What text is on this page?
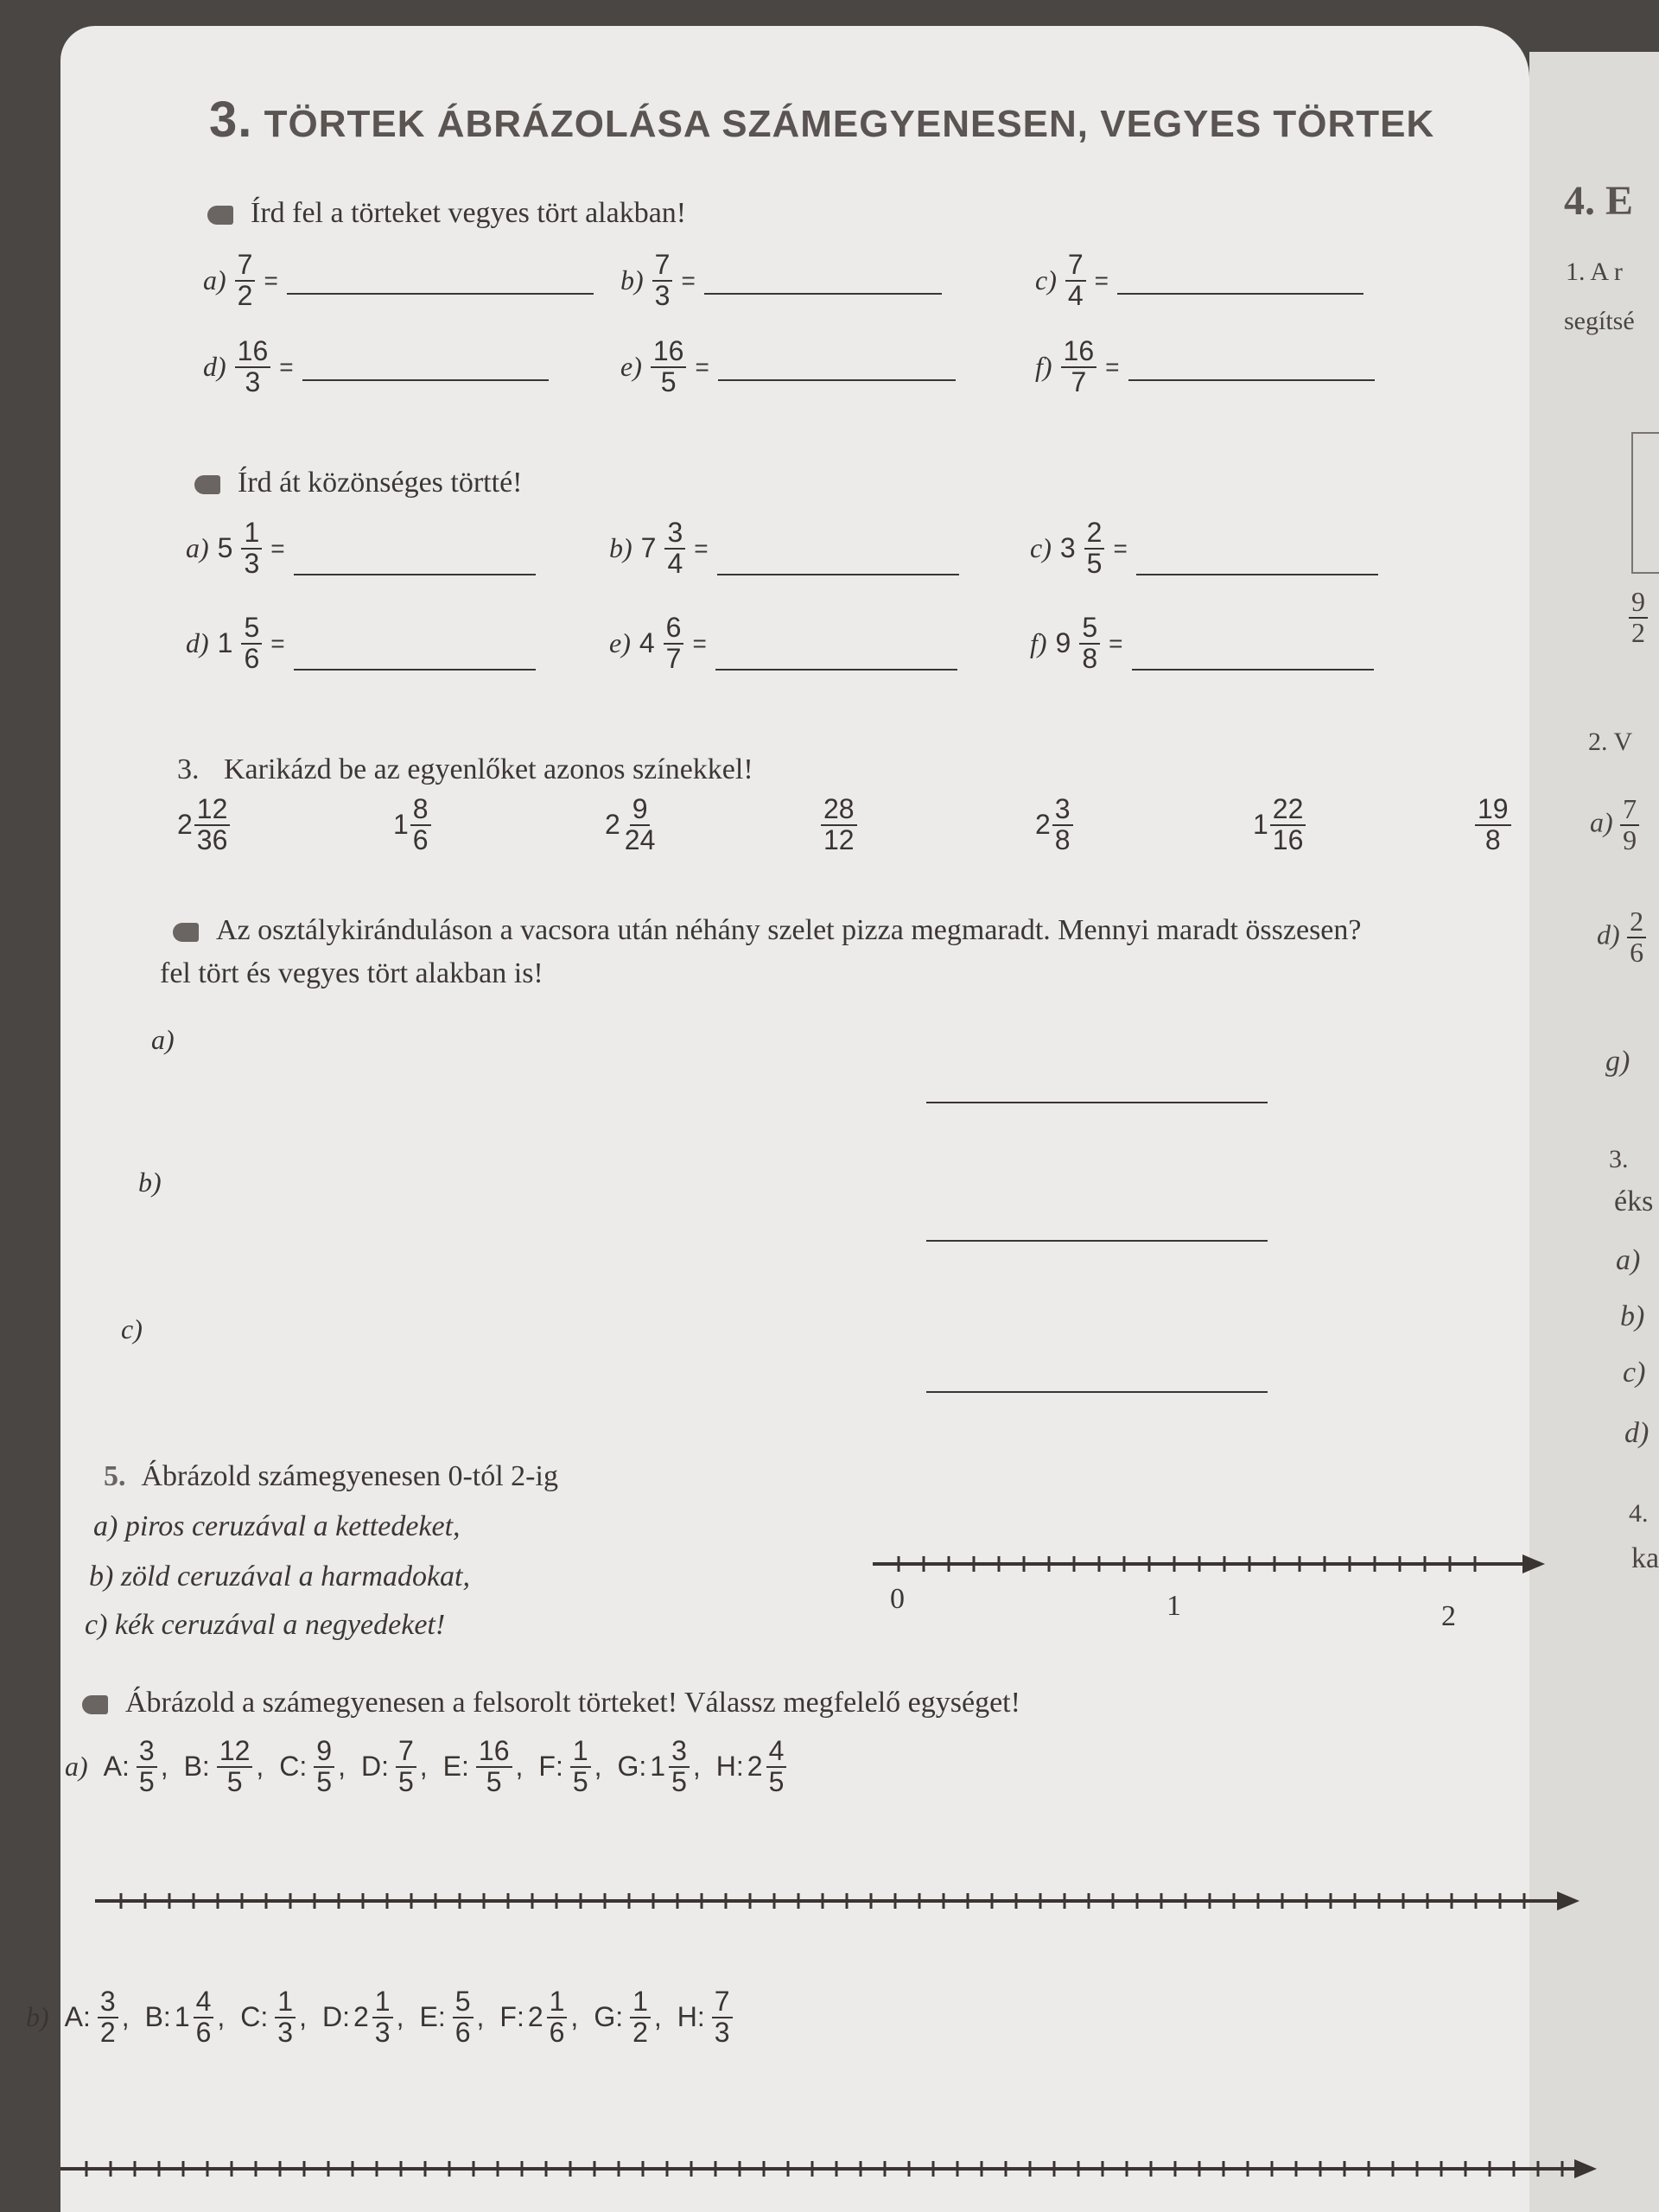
3. TÖRTEK ÁBRÁZOLÁSA SZÁMEGYENESEN, VEGYES TÖRTEK
Írd fel a törteket vegyes tört alakban!
$a) \frac{7}{2}$ =	$b) \frac{7}{3}$ =	$c) \frac{7}{4}$ =
$d) \frac{16}{3}$ =	$e) \frac{16}{5}$ =	$f) \frac{16}{7}$ =
Írd át közönséges törtté!
a) $5 \frac{1}{3}$ =	b) $7 \frac{3}{4}$ =	c) $3 \frac{2}{5}$ =
d) $1 \frac{5}{6}$ =	e) $4 \frac{6}{7}$ =	f) $9 \frac{5}{8}$ =
3. Karikázd be az egyenlőket azonos színekkel!
$2 \frac{12}{36}$	$1 \frac{8}{6}$	$2 \frac{9}{24}$	$\frac{28}{12}$	$2 \frac{3}{8}$	$1 \frac{22}{16}$	$\frac{19}{8}$
Az osztálykiránduláson a vacsora után néhány szelet pizza megmaradt. Mennyi maradt összesen?
fel tört és vegyes tört alakban is!
a)
b)
c)
5. Ábrázold számegyenesen 0-tól 2-ig
a) piros ceruzával a kettedeket,
b) zöld ceruzával a harmadokat,
c) kék ceruzával a negyedeket!
0	1	2
Ábrázold a számegyenesen a felsorolt törteket! Válassz megfelelő egységet!
a) A: $\frac{3}{5}$ , B: $\frac{12}{5}$ , C: $\frac{9}{5}$ , D: $\frac{7}{5}$ , E: $\frac{16}{5}$ , F: $\frac{1}{5}$ , G: $1 \frac{3}{5}$ , H: $2 \frac{4}{5}$
b) A: $\frac{3}{2}$ , B: $1 \frac{4}{6}$ , C: $\frac{1}{3}$ , D: $2 \frac{1}{3}$ , E: $\frac{5}{6}$ , F: $2 \frac{1}{6}$ , G: $\frac{1}{2}$ , H: $\frac{7}{3}$
4. E
1. A r
segítsé
$\frac{9}{2}$
2. V
$a) \frac{7}{9}$
$d) \frac{2}{6}$
g)
3.
éks
a)
b)
c)
d)
4.
ka
